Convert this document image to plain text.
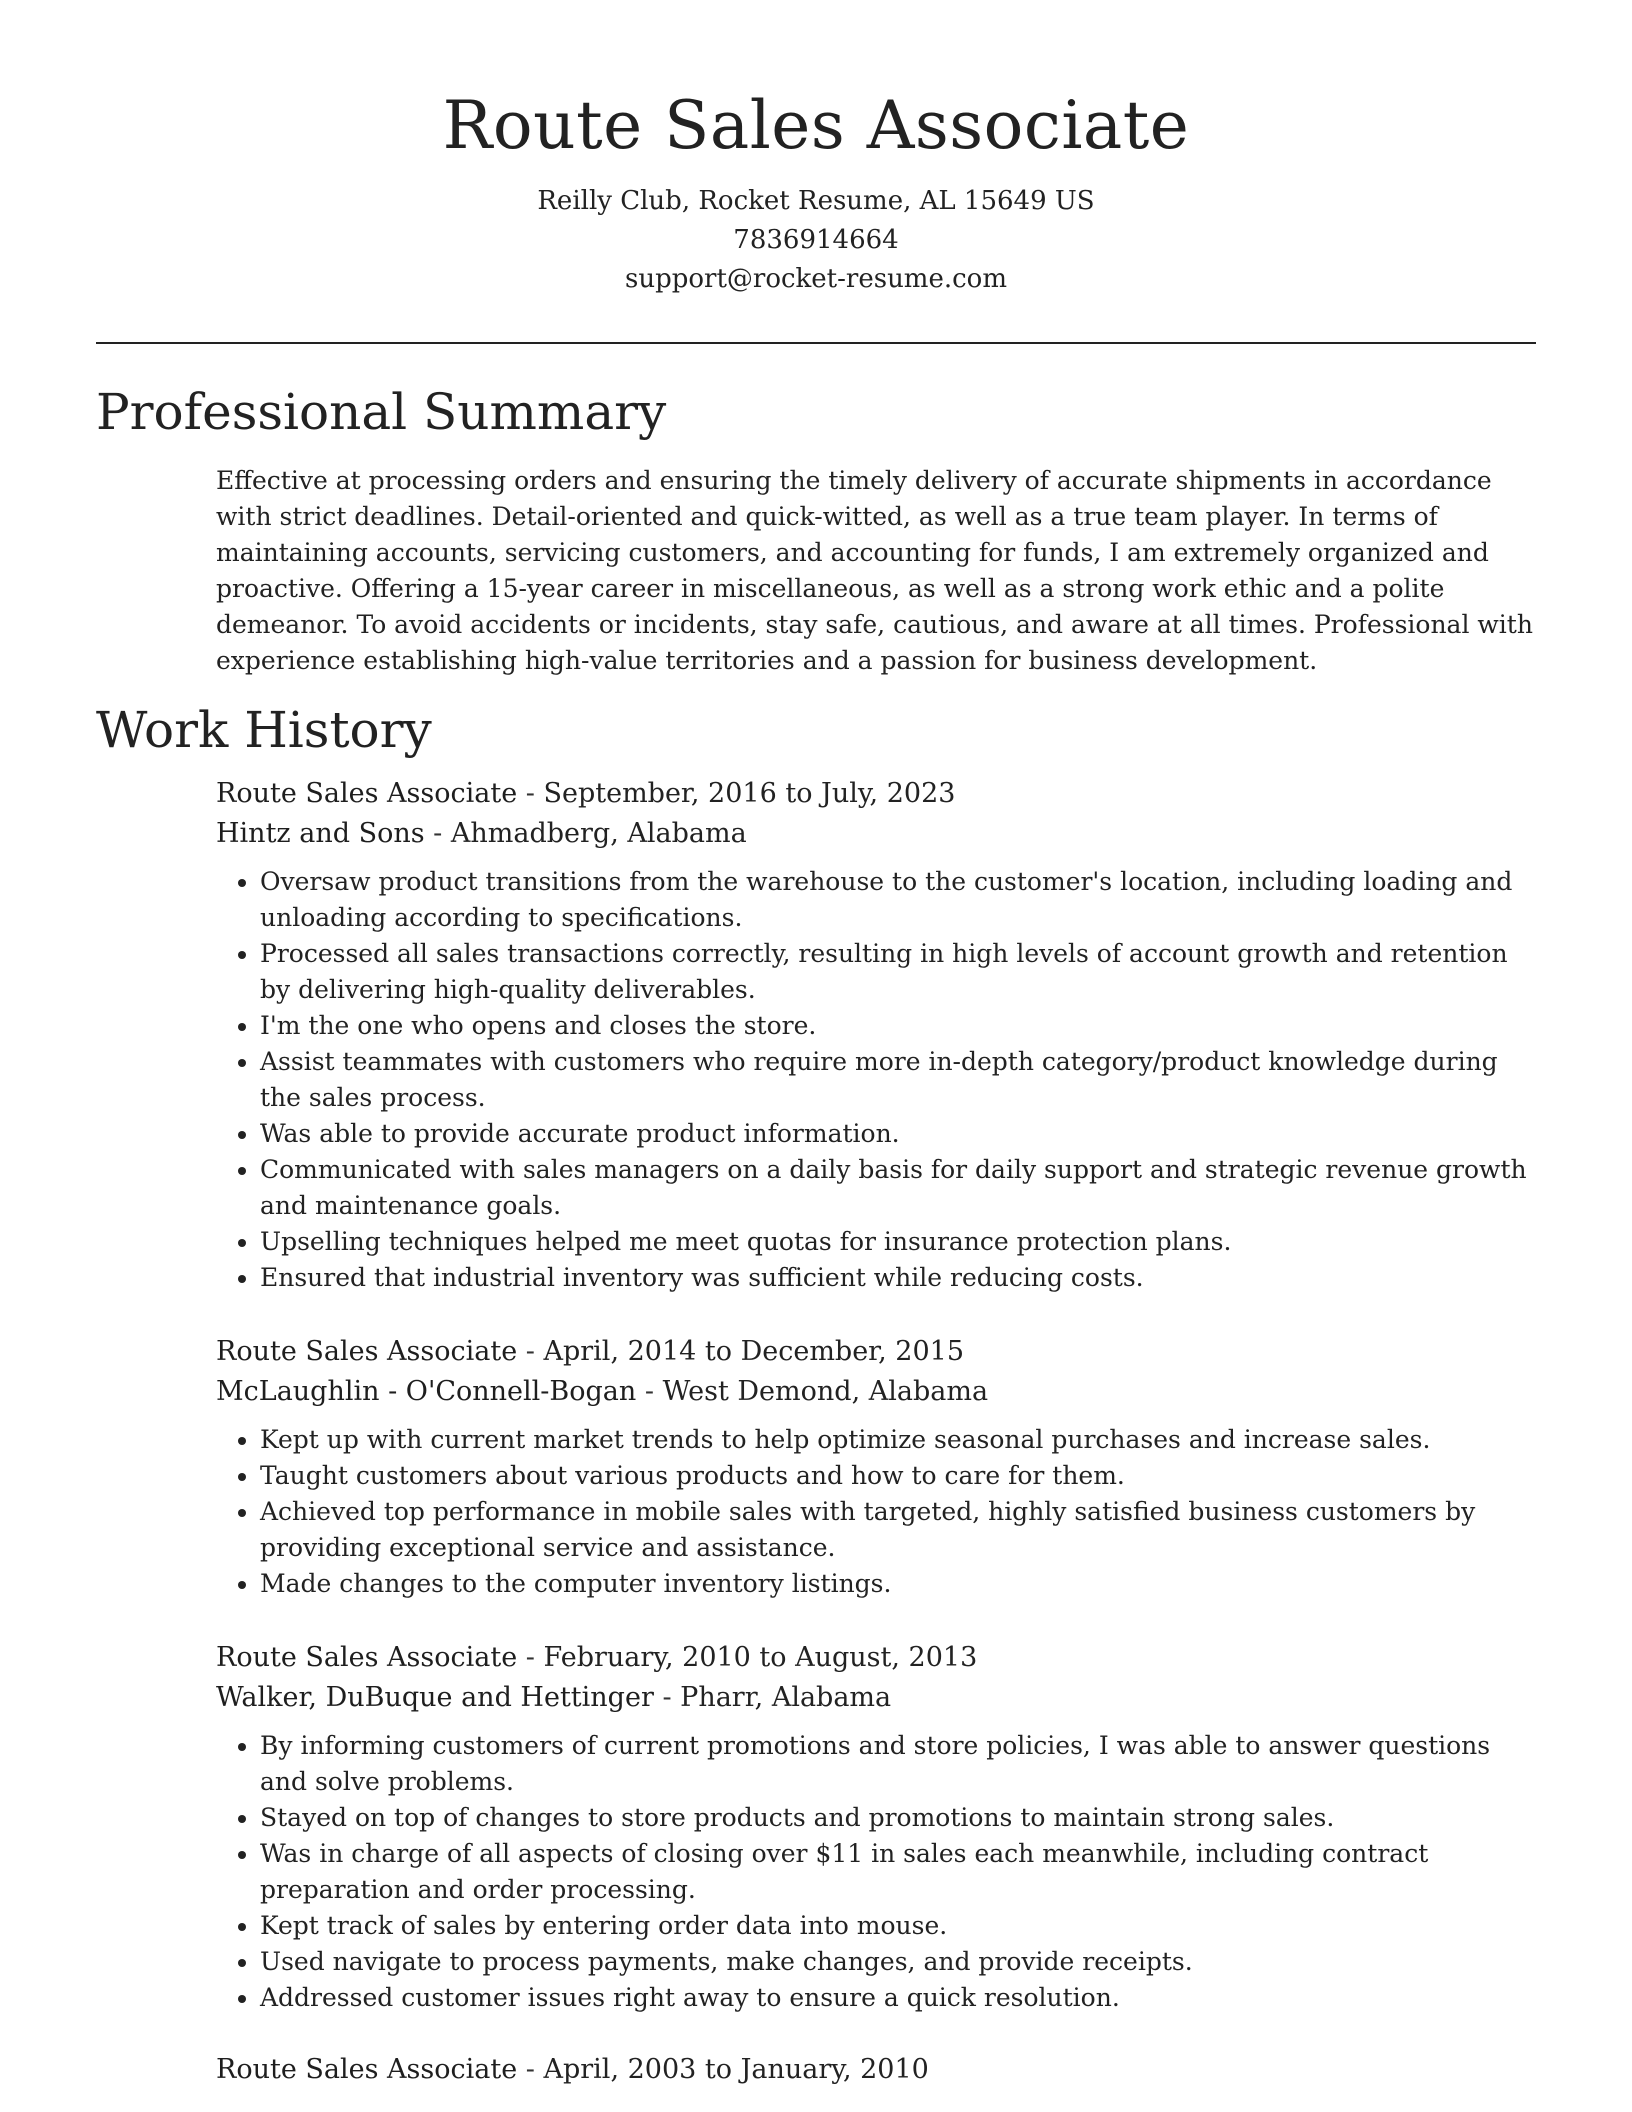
Route Sales Associate
Reilly Club, Rocket Resume, AL 15649 US
7836914664
support@rocket-resume.com
Professional Summary

Effective at processing orders and ensuring the timely delivery of accurate shipments in accordance with strict deadlines. Detail-oriented and quick-witted, as well as a true team player. In terms of maintaining accounts, servicing customers, and accounting for funds, I am extremely organized and proactive. Offering a 15-year career in miscellaneous, as well as a strong work ethic and a polite demeanor. To avoid accidents or incidents, stay safe, cautious, and aware at all times. Professional with experience establishing high-value territories and a passion for business development.

Work History
Route Sales Associate - September, 2016 to July, 2023
Hintz and Sons - Ahmadberg, Alabama
• Oversaw product transitions from the warehouse to the customer's location, including loading and unloading according to specifications.
• Processed all sales transactions correctly, resulting in high levels of account growth and retention by delivering high-quality deliverables.
• I'm the one who opens and closes the store.
• Assist teammates with customers who require more in-depth category/product knowledge during the sales process.
• Was able to provide accurate product information.
• Communicated with sales managers on a daily basis for daily support and strategic revenue growth and maintenance goals.
• Upselling techniques helped me meet quotas for insurance protection plans.
• Ensured that industrial inventory was sufficient while reducing costs.
Route Sales Associate - April, 2014 to December, 2015
McLaughlin - O'Connell-Bogan - West Demond, Alabama
• Kept up with current market trends to help optimize seasonal purchases and increase sales.
• Taught customers about various products and how to care for them.
• Achieved top performance in mobile sales with targeted, highly satisfied business customers by providing exceptional service and assistance.
• Made changes to the computer inventory listings.
Route Sales Associate - February, 2010 to August, 2013
Walker, DuBuque and Hettinger - Pharr, Alabama
• By informing customers of current promotions and store policies, I was able to answer questions and solve problems.
• Stayed on top of changes to store products and promotions to maintain strong sales.
• Was in charge of all aspects of closing over $11 in sales each meanwhile, including contract preparation and order processing.
• Kept track of sales by entering order data into mouse.
• Used navigate to process payments, make changes, and provide receipts.
• Addressed customer issues right away to ensure a quick resolution.
Route Sales Associate - April, 2003 to January, 2010
